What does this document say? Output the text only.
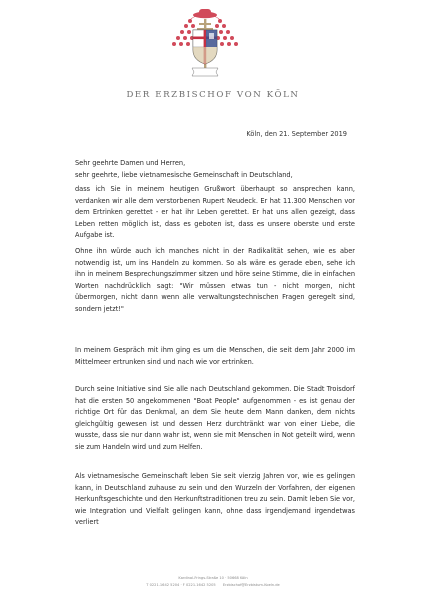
DER ERZBISCHOF VON KÖLN
Köln, den 21. September 2019
Sehr geehrte Damen und Herren,
sehr geehrte, liebe vietnamesische Gemeinschaft in Deutschland,

dass ich Sie in meinem heutigen Grußwort überhaupt so ansprechen kann, verdanken wir alle dem verstorbenen Rupert Neudeck. Er hat 11.300 Menschen vor dem Ertrinken gerettet - er hat ihr Leben gerettet. Er hat uns allen gezeigt, dass Leben retten möglich ist, dass es geboten ist, dass es unsere oberste und erste Aufgabe ist.

Ohne ihn würde auch ich manches nicht in der Radikalität sehen, wie es aber notwendig ist, um ins Handeln zu kommen. So als wäre es gerade eben, sehe ich ihn in meinem Besprechungszimmer sitzen und höre seine Stimme, die in einfachen Worten nachdrücklich sagt: "Wir müssen etwas tun - nicht morgen, nicht übermorgen, nicht dann wenn alle verwaltungstechnischen Fragen geregelt sind, sondern jetzt!"

In meinem Gespräch mit ihm ging es um die Menschen, die seit dem Jahr 2000 im Mittelmeer ertrunken sind und nach wie vor ertrinken.

Durch seine Initiative sind Sie alle nach Deutschland gekommen. Die Stadt Troisdorf hat die ersten 50 angekommenen "Boat People" aufgenommen - es ist genau der richtige Ort für das Denkmal, an dem Sie heute dem Mann danken, dem nichts gleichgültig gewesen ist und dessen Herz durchtränkt war von einer Liebe, die wusste, dass sie nur dann wahr ist, wenn sie mit Menschen in Not geteilt wird, wenn sie zum Handeln wird und zum Helfen.

Als vietnamesische Gemeinschaft leben Sie seit vierzig Jahren vor, wie es gelingen kann, in Deutschland zuhause zu sein und den Wurzeln der Vorfahren, der eigenen Herkunftsgeschichte und den Herkunftstraditionen treu zu sein. Damit leben Sie vor, wie Integration und Vielfalt gelingen kann, ohne dass irgendjemand irgendetwas verliert

Kardinal-Frings-Straße 10 · 50668 Köln
T 0221.1642 5204 · F 0221.1642 5205 Erzbischof@Erzbistum-Koeln.de
